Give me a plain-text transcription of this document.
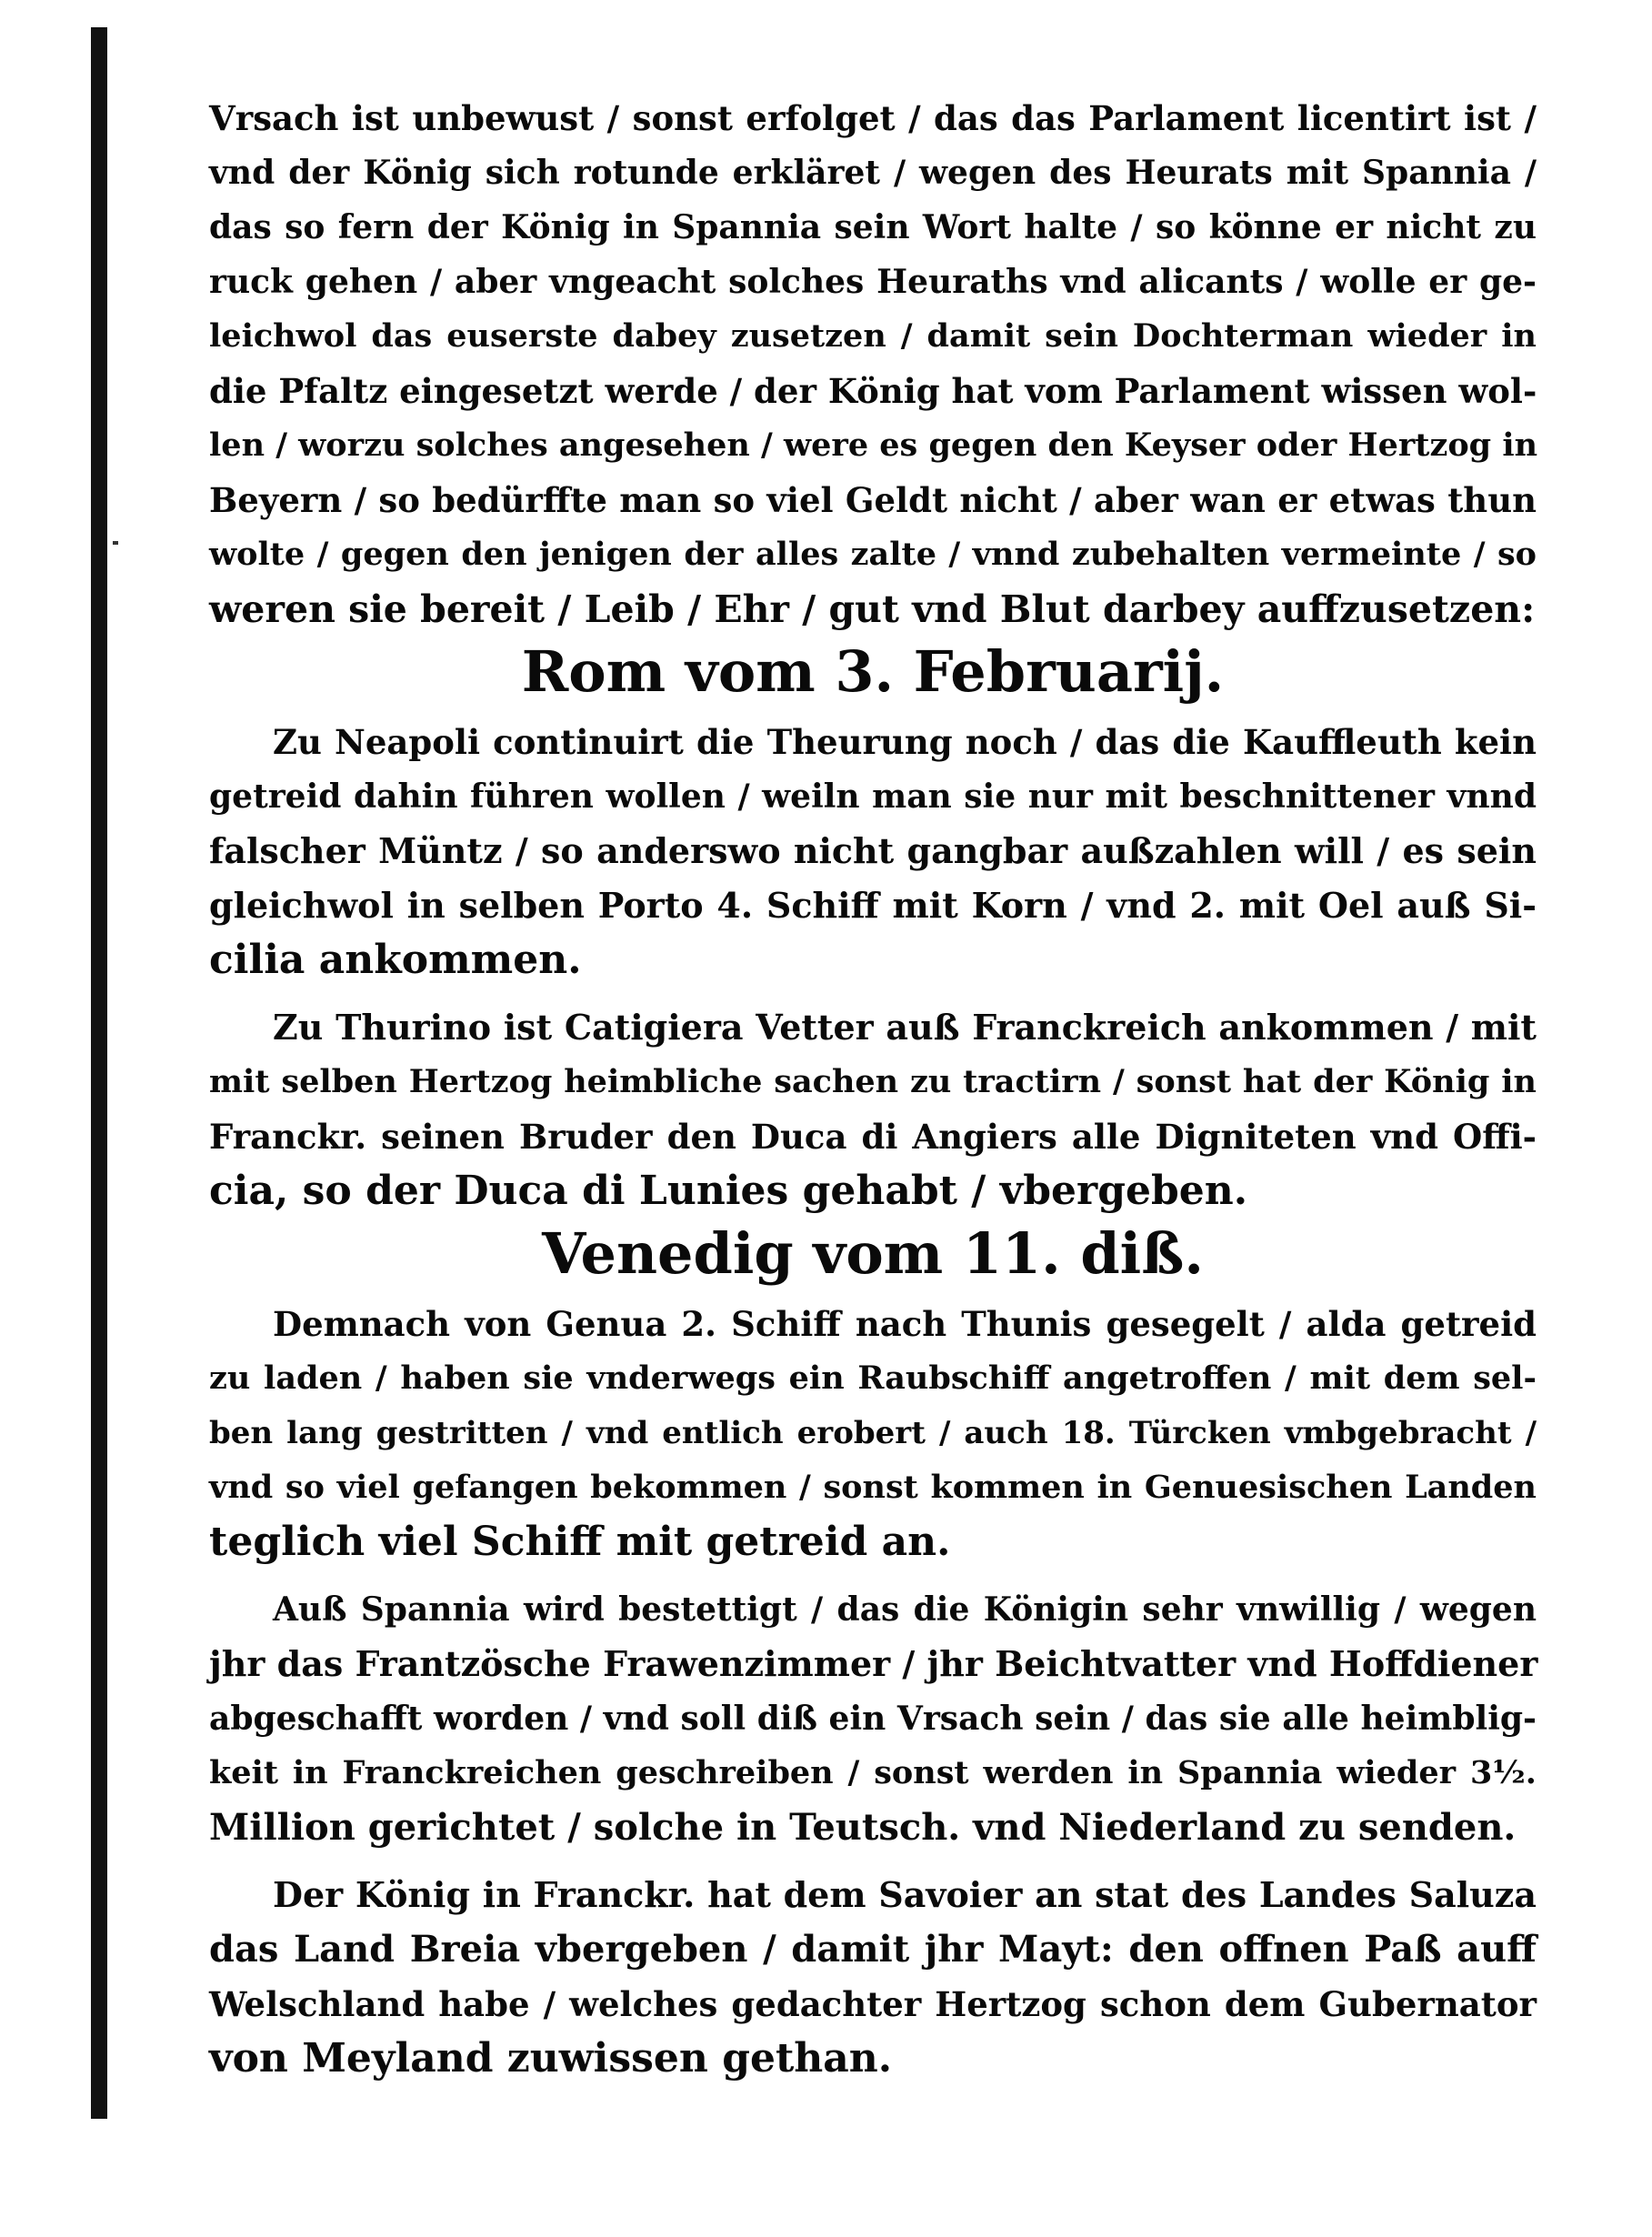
Vrsach ist unbewust / sonst erfolget / das das Parlament licentirt ist /
vnd der König sich rotunde erkläret / wegen des Heurats mit Spannia /
das so fern der König in Spannia sein Wort halte / so könne er nicht zu
ruck gehen / aber vngeacht solches Heuraths vnd alicants / wolle er ge-
leichwol das euserste dabey zusetzen / damit sein Dochterman wieder in
die Pfaltz eingesetzt werde / der König hat vom Parlament wissen wol-
len / worzu solches angesehen / were es gegen den Keyser oder Hertzog in
Beyern / so bedürffte man so viel Geldt nicht / aber wan er etwas thun
wolte / gegen den jenigen der alles zalte / vnnd zubehalten vermeinte / so
weren sie bereit / Leib / Ehr / gut vnd Blut darbey auffzusetzen:
Rom vom 3. Februarij.
Zu Neapoli continuirt die Theurung noch / das die Kauffleuth kein
getreid dahin führen wollen / weiln man sie nur mit beschnittener vnnd
falscher Müntz / so anderswo nicht gangbar außzahlen will / es sein
gleichwol in selben Porto 4. Schiff mit Korn / vnd 2. mit Oel auß Si-
cilia ankommen.
Zu Thurino ist Catigiera Vetter auß Franckreich ankommen / mit
mit selben Hertzog heimbliche sachen zu tractirn / sonst hat der König in
Franckr. seinen Bruder den Duca di Angiers alle Digniteten vnd Offi-
cia, so der Duca di Lunies gehabt / vbergeben.
Venedig vom 11. diß.
Demnach von Genua 2. Schiff nach Thunis gesegelt / alda getreid
zu laden / haben sie vnderwegs ein Raubschiff angetroffen / mit dem sel-
ben lang gestritten / vnd entlich erobert / auch 18. Türcken vmbgebracht /
vnd so viel gefangen bekommen / sonst kommen in Genuesischen Landen
teglich viel Schiff mit getreid an.
Auß Spannia wird bestettigt / das die Königin sehr vnwillig / wegen
jhr das Frantzösche Frawenzimmer / jhr Beichtvatter vnd Hoffdiener
abgeschafft worden / vnd soll diß ein Vrsach sein / das sie alle heimblig-
keit in Franckreichen geschreiben / sonst werden in Spannia wieder 3½.
Million gerichtet / solche in Teutsch. vnd Niederland zu senden.
Der König in Franckr. hat dem Savoier an stat des Landes Saluza
das Land Breia vbergeben / damit jhr Mayt: den offnen Paß auff
Welschland habe / welches gedachter Hertzog schon dem Gubernator
von Meyland zuwissen gethan.
